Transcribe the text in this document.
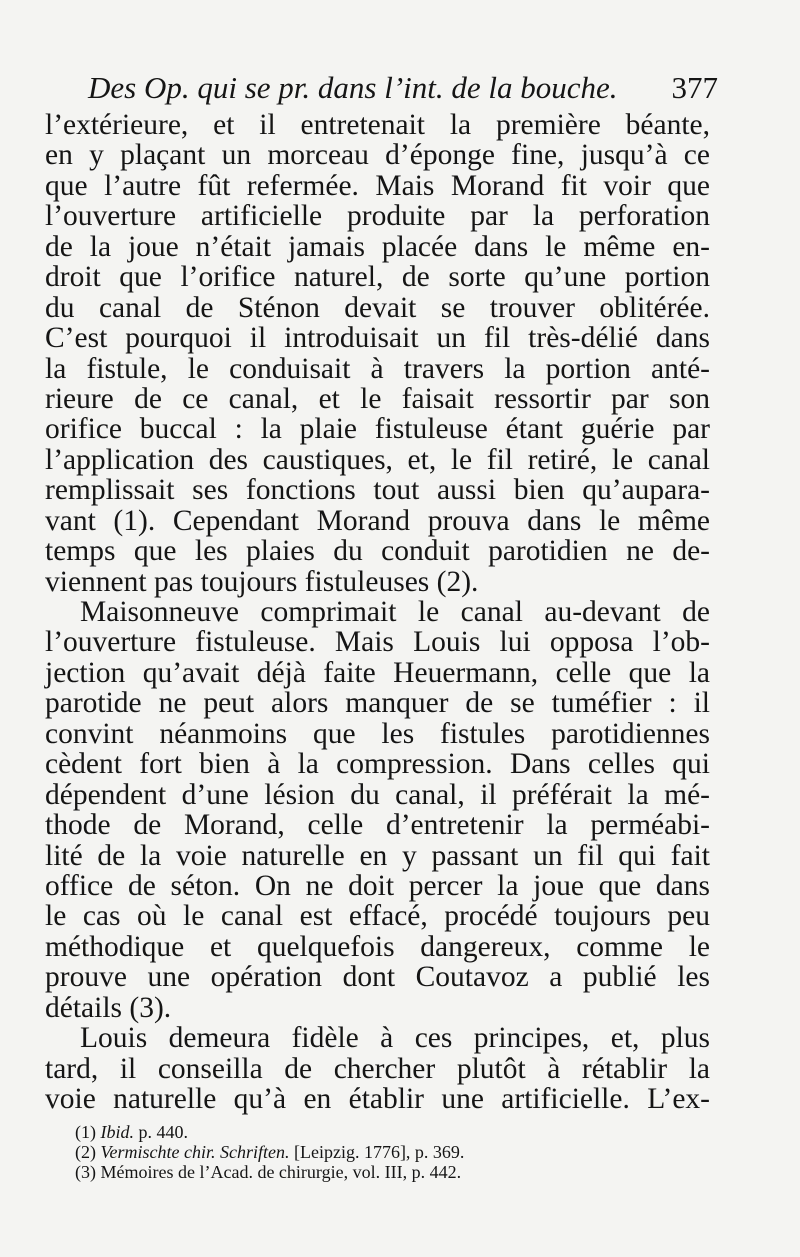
Des Op. qui se pr. dans l’int. de la bouche. 377
l’extérieure, et il entretenait la première béante,
en y plaçant un morceau d’éponge fine, jusqu’à ce
que l’autre fût refermée. Mais Morand fit voir que
l’ouverture artificielle produite par la perforation
de la joue n’était jamais placée dans le même en-
droit que l’orifice naturel, de sorte qu’une portion
du canal de Sténon devait se trouver oblitérée.
C’est pourquoi il introduisait un fil très-délié dans
la fistule, le conduisait à travers la portion anté-
rieure de ce canal, et le faisait ressortir par son
orifice buccal : la plaie fistuleuse étant guérie par
l’application des caustiques, et, le fil retiré, le canal
remplissait ses fonctions tout aussi bien qu’aupara-
vant (1). Cependant Morand prouva dans le même
temps que les plaies du conduit parotidien ne de-
viennent pas toujours fistuleuses (2).
Maisonneuve comprimait le canal au-devant de
l’ouverture fistuleuse. Mais Louis lui opposa l’ob-
jection qu’avait déjà faite Heuermann, celle que la
parotide ne peut alors manquer de se tuméfier : il
convint néanmoins que les fistules parotidiennes
cèdent fort bien à la compression. Dans celles qui
dépendent d’une lésion du canal, il préférait la mé-
thode de Morand, celle d’entretenir la perméabi-
lité de la voie naturelle en y passant un fil qui fait
office de séton. On ne doit percer la joue que dans
le cas où le canal est effacé, procédé toujours peu
méthodique et quelquefois dangereux, comme le
prouve une opération dont Coutavoz a publié les
détails (3).
Louis demeura fidèle à ces principes, et, plus
tard, il conseilla de chercher plutôt à rétablir la
voie naturelle qu’à en établir une artificielle. L’ex-
(1) Ibid. p. 440.
(2) Vermischte chir. Schriften. [Leipzig. 1776], p. 369.
(3) Mémoires de l’Acad. de chirurgie, vol. III, p. 442.
